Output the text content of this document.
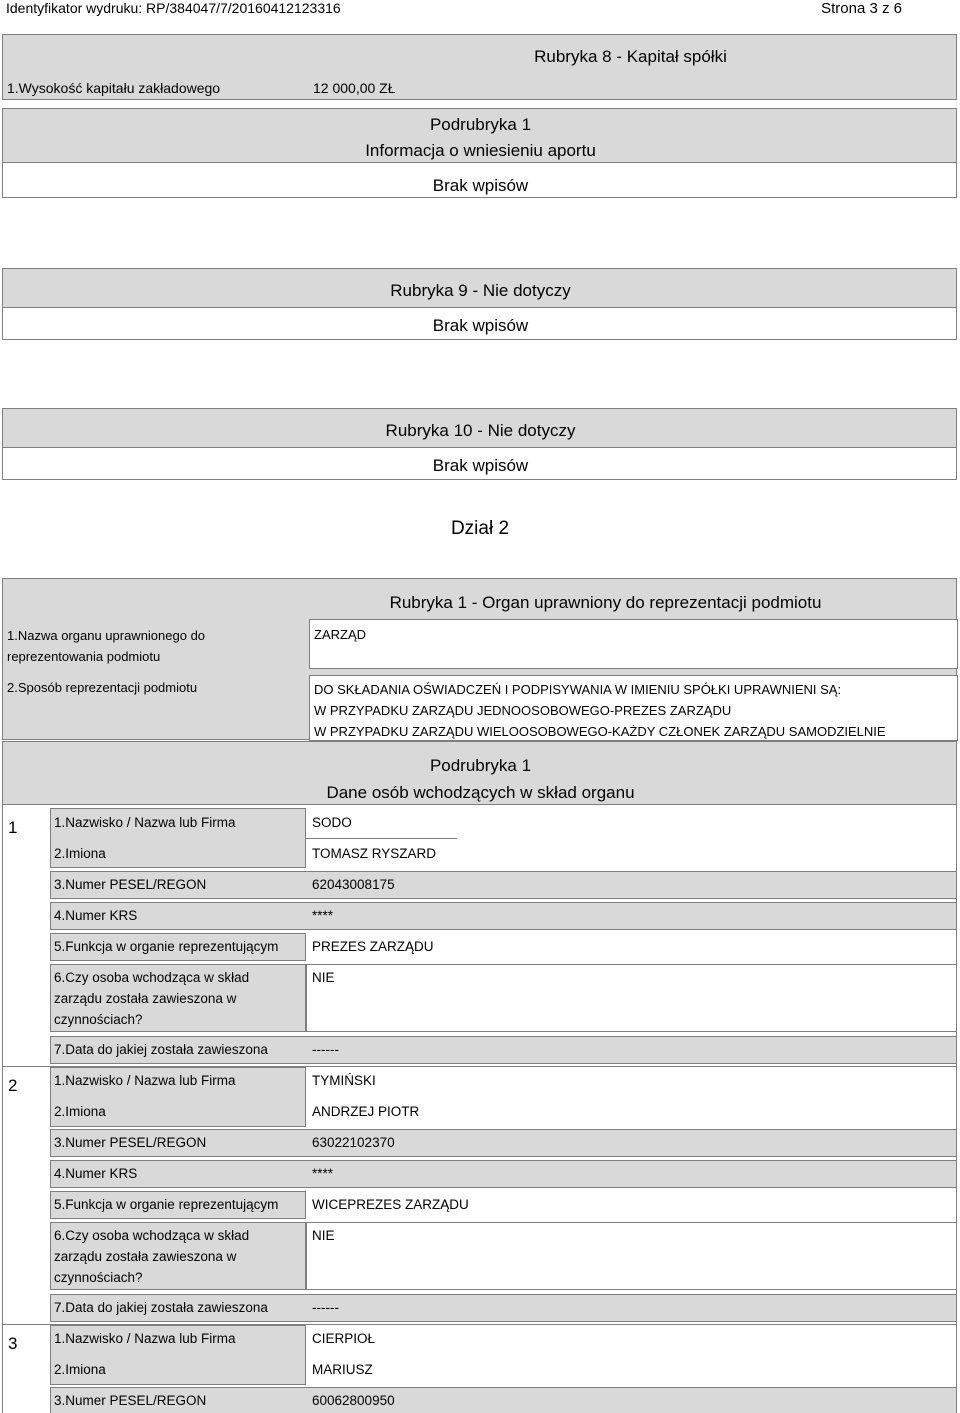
Identyfikator wydruku: RP/384047/7/20160412123316	Strona 3 z 6
Rubryka 8 - Kapitał spółki
1.Wysokość kapitału zakładowego	12 000,00 ZŁ
Podrubryka 1
Informacja o wniesieniu aportu
Brak wpisów
Rubryka 9 - Nie dotyczy
Brak wpisów
Rubryka 10 - Nie dotyczy
Brak wpisów
Dział 2
Rubryka 1 - Organ uprawniony do reprezentacji podmiotu
1.Nazwa organu uprawnionego do
reprezentowania podmiotu
ZARZĄD
2.Sposób reprezentacji podmiotu	DO SKŁADANIA OŚWIADCZEŃ I PODPISYWANIA W IMIENIU SPÓŁKI UPRAWNIENI SĄ:
W PRZYPADKU ZARZĄDU JEDNOOSOBOWEGO-PREZES ZARZĄDU
W PRZYPADKU ZARZĄDU WIELOOSOBOWEGO-KAŻDY CZŁONEK ZARZĄDU SAMODZIELNIE
Podrubryka 1
Dane osób wchodzących w skład organu
1	1.Nazwisko / Nazwa lub Firma	SODO
2.Imiona	TOMASZ RYSZARD
3.Numer PESEL/REGON	62043008175
4.Numer KRS	****
5.Funkcja w organie reprezentującym PREZES ZARZĄDU
6.Czy osoba wchodząca w skład
zarządu została zawieszona w
czynnościach?
NIE
7.Data do jakiej została zawieszona	------
2	1.Nazwisko / Nazwa lub Firma	TYMIŃSKI
2.Imiona	ANDRZEJ PIOTR
3.Numer PESEL/REGON	63022102370
4.Numer KRS	****
5.Funkcja w organie reprezentującym WICEPREZES ZARZĄDU
6.Czy osoba wchodząca w skład
zarządu została zawieszona w
czynnościach?
NIE
7.Data do jakiej została zawieszona	------
3	1.Nazwisko / Nazwa lub Firma	CIERPIOŁ
2.Imiona	MARIUSZ
3.Numer PESEL/REGON	60062800950
